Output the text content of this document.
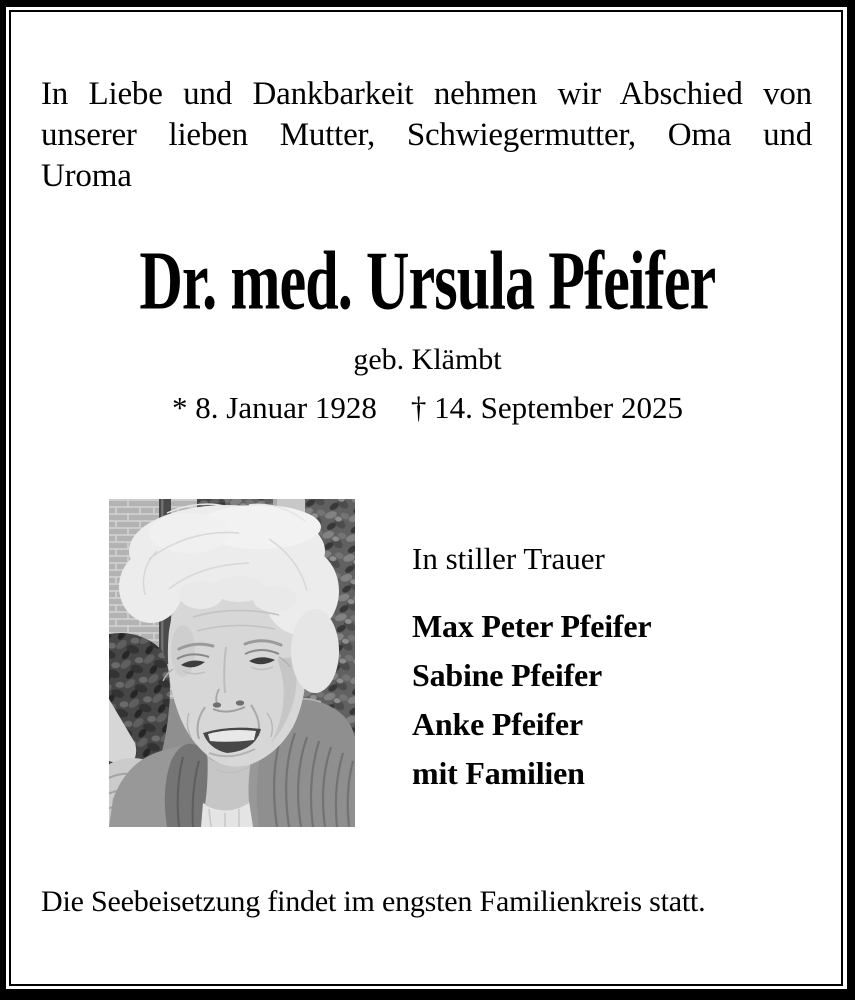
In Liebe und Dankbarkeit nehmen wir Abschied von
unserer lieben Mutter, Schwiegermutter, Oma und
Uroma
Dr. med. Ursula Pfeifer
geb. Klämbt
* 8. Januar 1928 † 14. September 2025
In stiller Trauer
Max Peter Pfeifer
Sabine Pfeifer
Anke Pfeifer
mit Familien
Die Seebeisetzung findet im engsten Familienkreis statt.
